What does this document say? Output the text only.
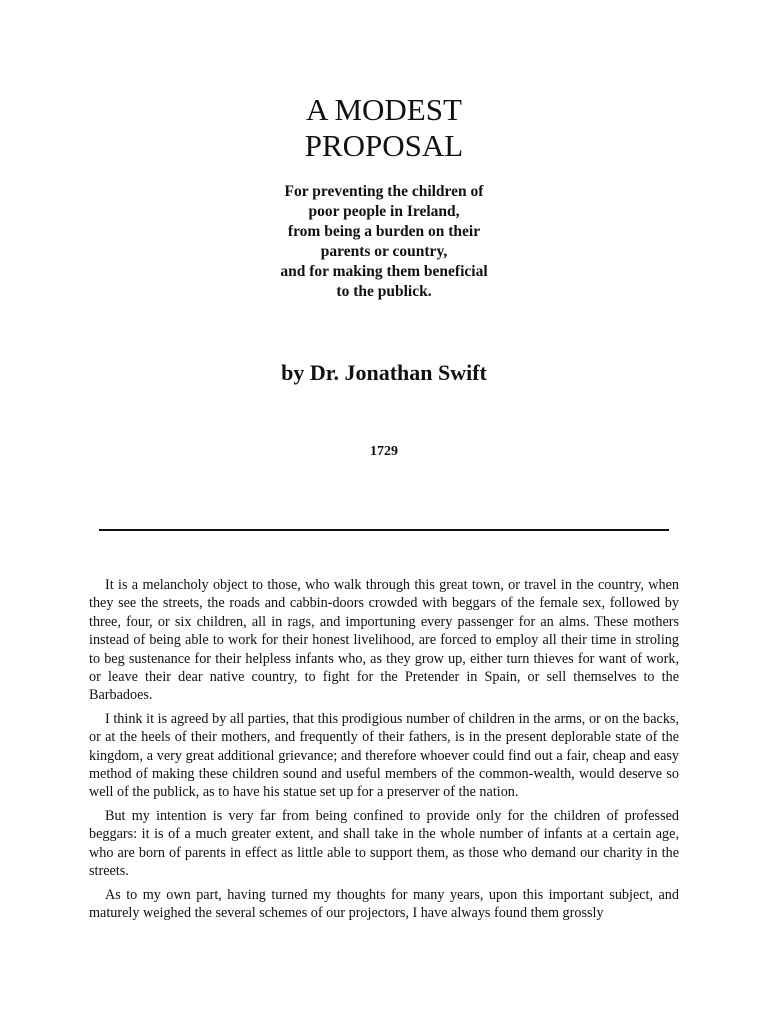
A MODEST
PROPOSAL
For preventing the children of
poor people in Ireland,
from being a burden on their
parents or country,
and for making them beneficial
to the publick.
by Dr. Jonathan Swift
1729

It is a melancholy object to those, who walk through this great town, or travel in the country, when they see the streets, the roads and cabbin-doors crowded with beggars of the female sex, followed by three, four, or six children, all in rags, and importuning every passenger for an alms. These mothers instead of being able to work for their honest livelihood, are forced to employ all their time in stroling to beg sustenance for their helpless infants who, as they grow up, either turn thieves for want of work, or leave their dear native country, to fight for the Pretender in Spain, or sell themselves to the Barbadoes.

I think it is agreed by all parties, that this prodigious number of children in the arms, or on the backs, or at the heels of their mothers, and frequently of their fathers, is in the present deplorable state of the kingdom, a very great additional grievance; and therefore whoever could find out a fair, cheap and easy method of making these children sound and useful members of the common-wealth, would deserve so well of the publick, as to have his statue set up for a preserver of the nation.

But my intention is very far from being confined to provide only for the children of professed beggars: it is of a much greater extent, and shall take in the whole number of infants at a certain age, who are born of parents in effect as little able to support them, as those who demand our charity in the streets.

As to my own part, having turned my thoughts for many years, upon this important subject, and maturely weighed the several schemes of our projectors, I have always found them grossly
